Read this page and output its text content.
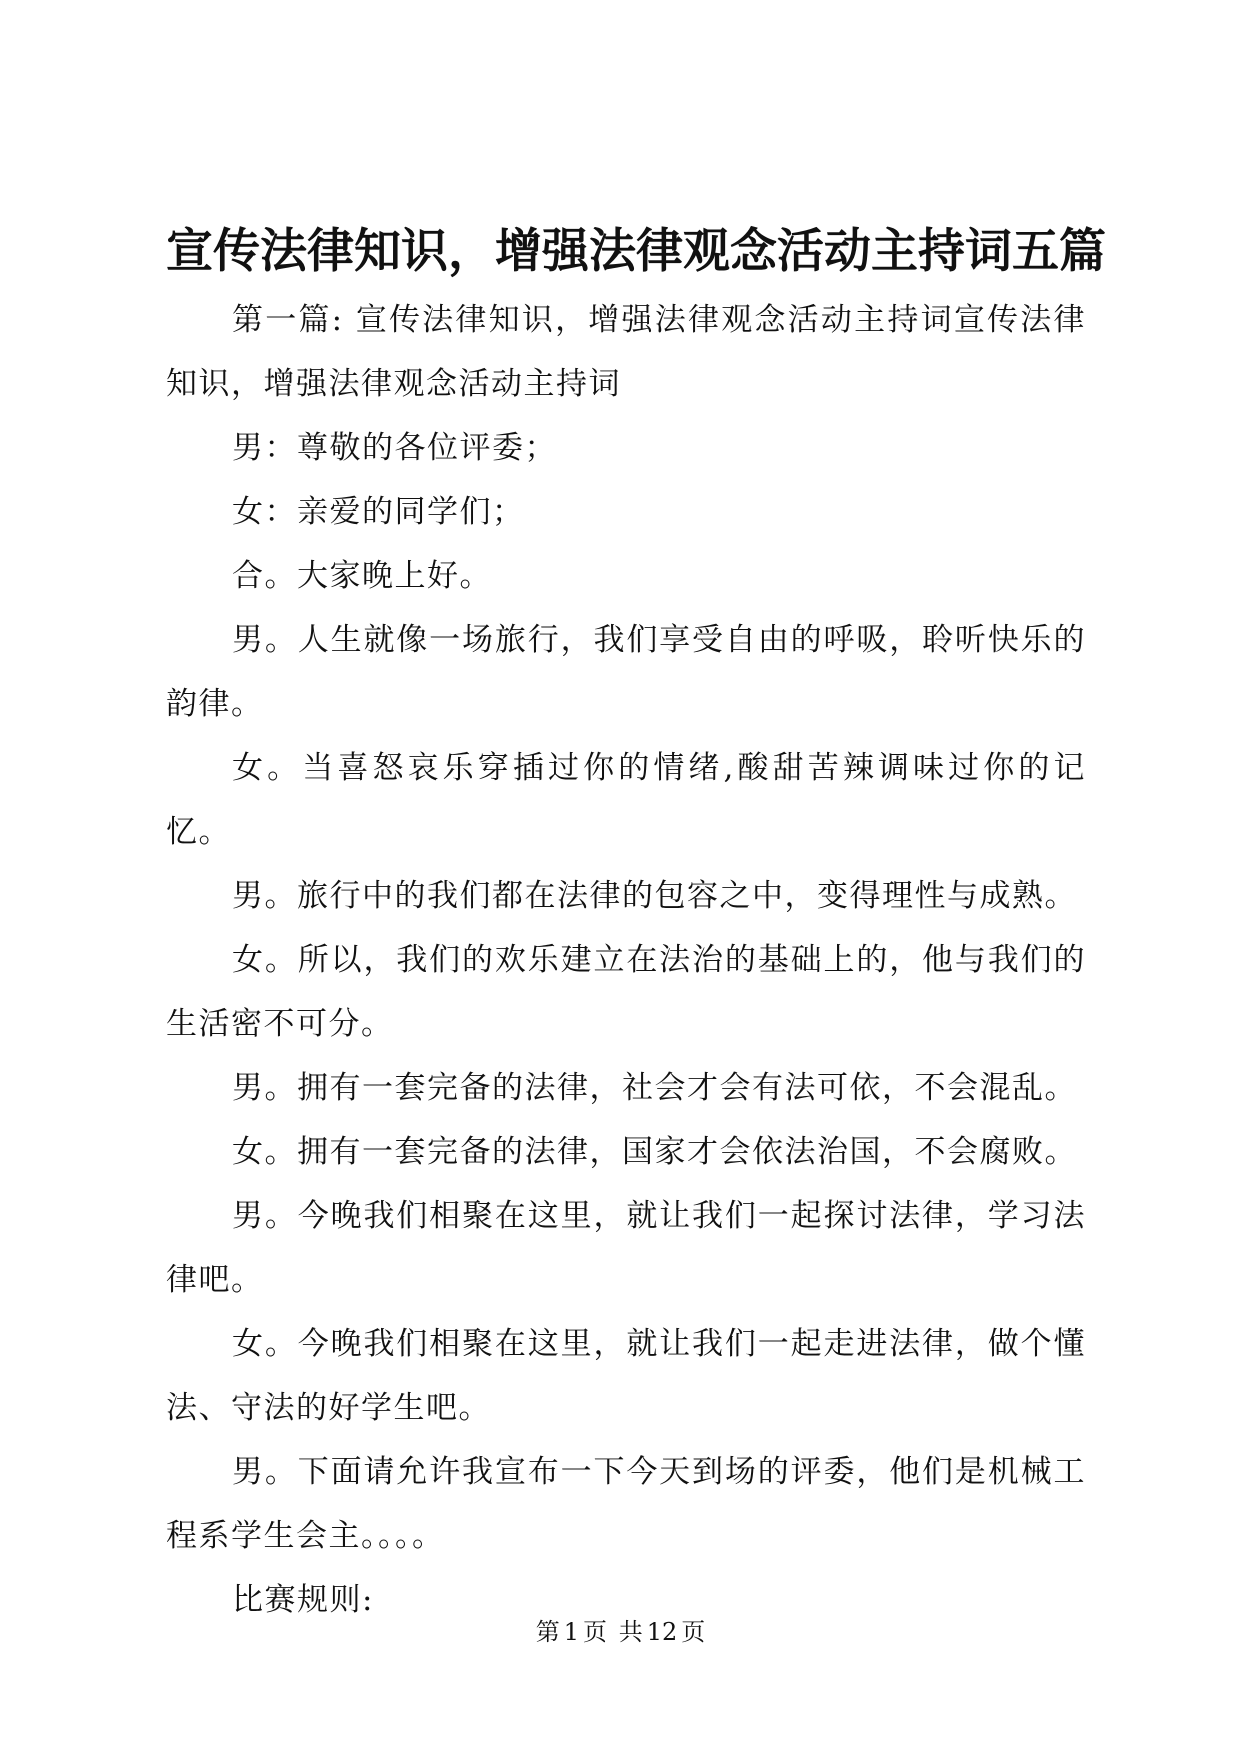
宣传法律知识，增强法律观念活动主持词五篇

第一篇: 宣传法律知识，增强法律观念活动主持词宣传法律知识，增强法律观念活动主持词

男：尊敬的各位评委；

女：亲爱的同学们；

合。大家晚上好。

男。人生就像一场旅行，我们享受自由的呼吸，聆听快乐的韵律。

女。当喜怒哀乐穿插过你的情绪,酸甜苦辣调味过你的记忆。

男。旅行中的我们都在法律的包容之中，变得理性与成熟。

女。所以，我们的欢乐建立在法治的基础上的，他与我们的生活密不可分。

男。拥有一套完备的法律，社会才会有法可依，不会混乱。

女。拥有一套完备的法律，国家才会依法治国，不会腐败。

男。今晚我们相聚在这里，就让我们一起探讨法律，学习法律吧。

女。今晚我们相聚在这里，就让我们一起走进法律，做个懂法、守法的好学生吧。

男。下面请允许我宣布一下今天到场的评委，他们是机械工程系学生会主。。。。

比赛规则:

第 1 页 共 12 页
